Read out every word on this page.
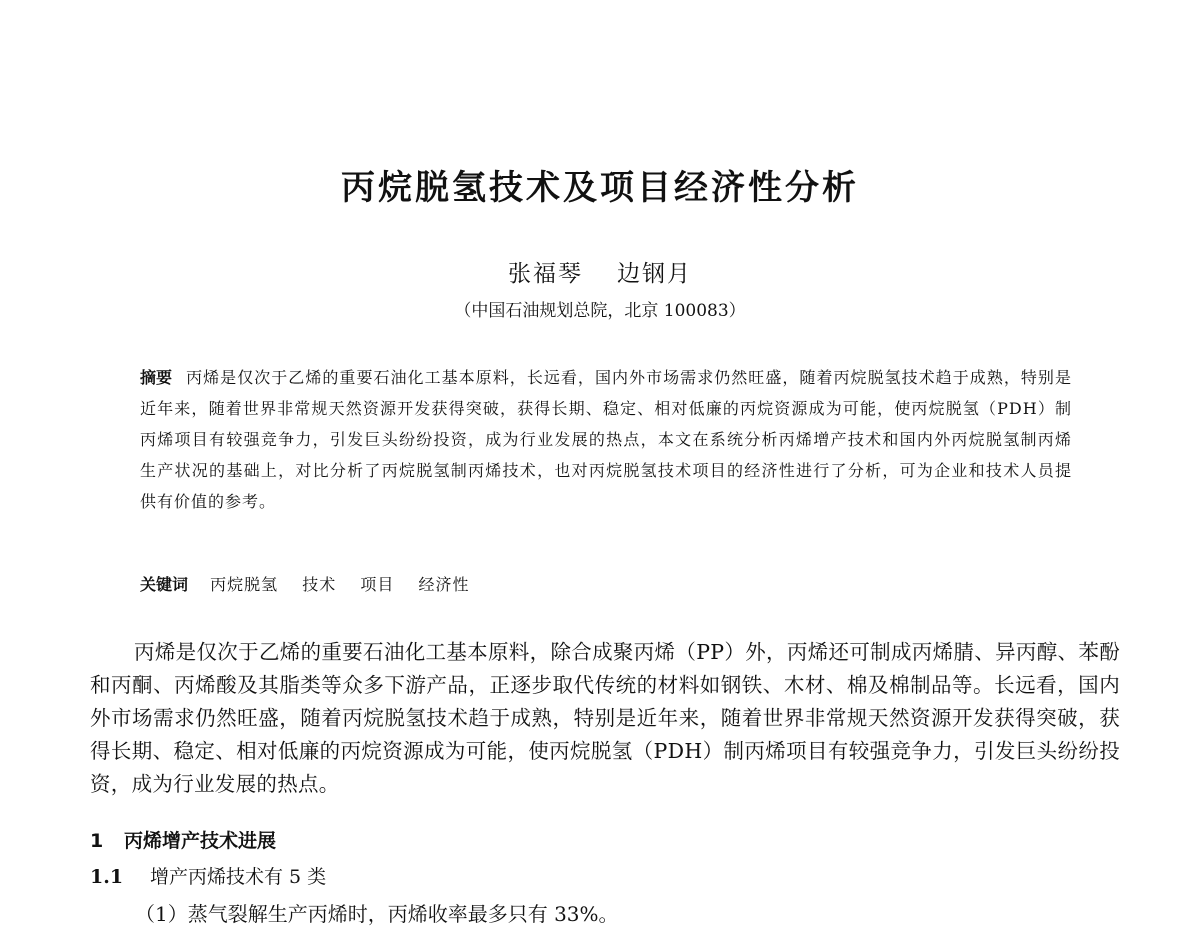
丙烷脱氢技术及项目经济性分析
张福琴 边钢月
（中国石油规划总院，北京 100083）
摘要 丙烯是仅次于乙烯的重要石油化工基本原料，长远看，国内外市场需求仍然旺盛，随着丙烷脱氢技术趋于成熟，特别是近年来，随着世界非常规天然资源开发获得突破，获得长期、稳定、相对低廉的丙烷资源成为可能，使丙烷脱氢（PDH）制丙烯项目有较强竞争力，引发巨头纷纷投资，成为行业发展的热点，本文在系统分析丙烯增产技术和国内外丙烷脱氢制丙烯生产状况的基础上，对比分析了丙烷脱氢制丙烯技术，也对丙烷脱氢技术项目的经济性进行了分析，可为企业和技术人员提供有价值的参考。
关键词 丙烷脱氢 技术 项目 经济性
丙烯是仅次于乙烯的重要石油化工基本原料，除合成聚丙烯（PP）外，丙烯还可制成丙烯腈、异丙醇、苯酚和丙酮、丙烯酸及其脂类等众多下游产品，正逐步取代传统的材料如钢铁、木材、棉及棉制品等。长远看，国内外市场需求仍然旺盛，随着丙烷脱氢技术趋于成熟，特别是近年来，随着世界非常规天然资源开发获得突破，获得长期、稳定、相对低廉的丙烷资源成为可能，使丙烷脱氢（PDH）制丙烯项目有较强竞争力，引发巨头纷纷投资，成为行业发展的热点。
1 丙烯增产技术进展
1.1 增产丙烯技术有 5 类
（1）蒸气裂解生产丙烯时，丙烯收率最多只有 33%。
